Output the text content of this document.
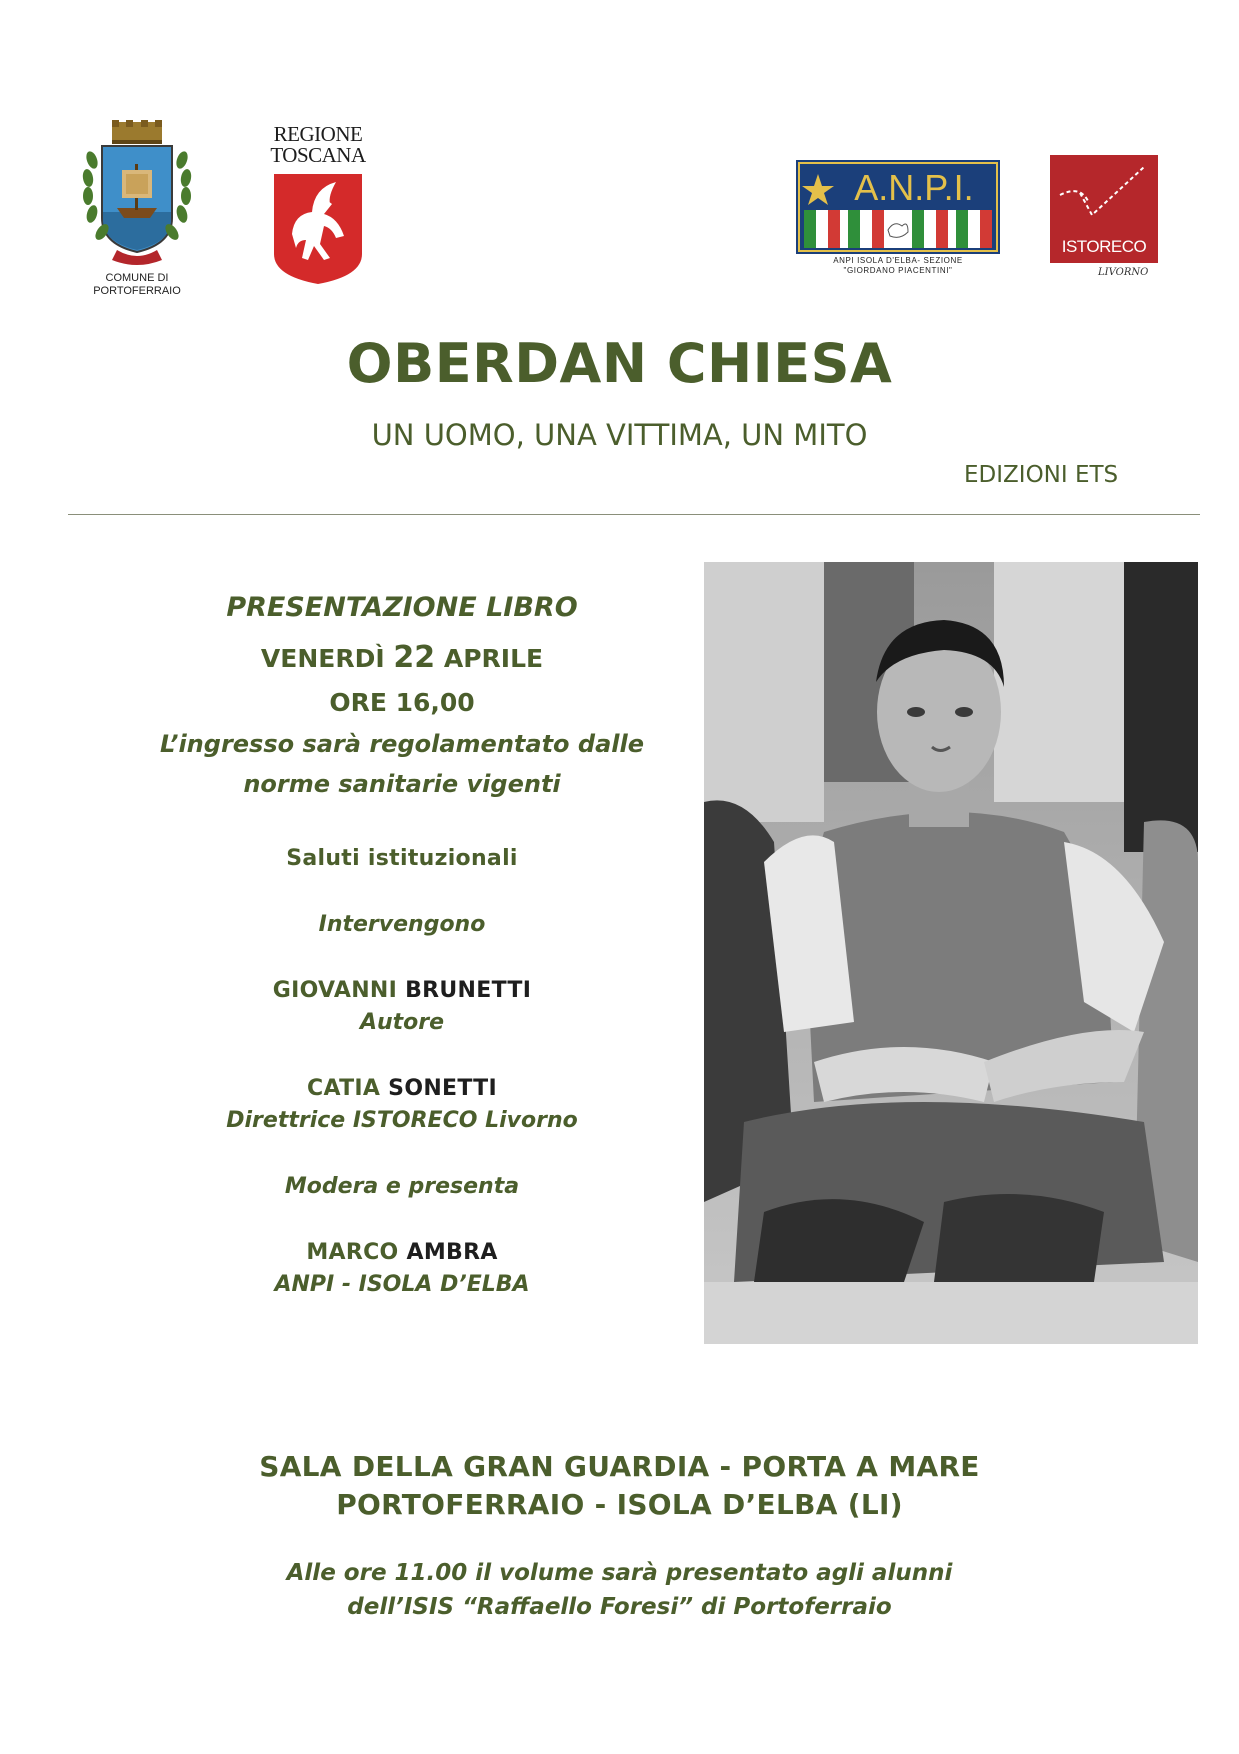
COMUNE DI
PORTOFERRAIO
REGIONE
TOSCANA
A.N.P.I.
ANPI ISOLA D'ELBA- SEZIONE
"GIORDANO PIACENTINI"
ISTORECO
LIVORNO
OBERDAN CHIESA
UN UOMO, UNA VITTIMA, UN MITO
EDIZIONI ETS
PRESENTAZIONE LIBRO
VENERDÌ 22 APRILE
ORE 16,00
L’ingresso sarà regolamentato dalle
norme sanitarie vigenti
Saluti istituzionali
Intervengono
GIOVANNI BRUNETTI
Autore
CATIA SONETTI
Direttrice ISTORECO Livorno
Modera e presenta
MARCO AMBRA
ANPI - ISOLA D’ELBA
SALA DELLA GRAN GUARDIA - PORTA A MARE
PORTOFERRAIO - ISOLA D’ELBA (LI)
Alle ore 11.00 il volume sarà presentato agli alunni
dell’ISIS “Raffaello Foresi” di Portoferraio
